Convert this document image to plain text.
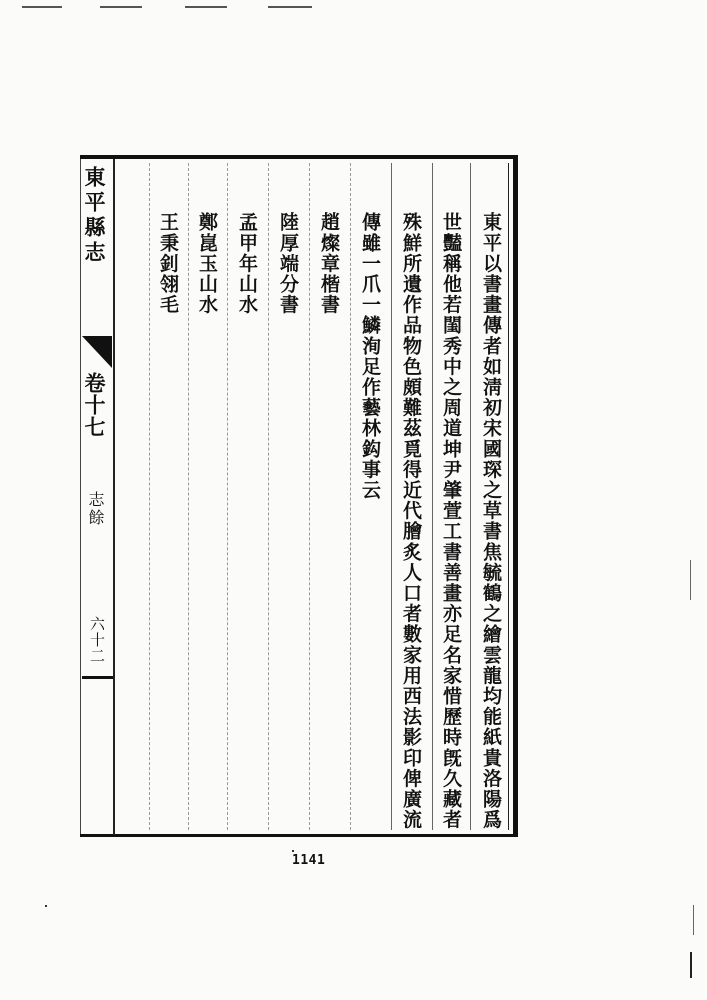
東平縣志
卷十七
志餘
六十二	東平以書畫傳者如淸初宋國琛之草書焦毓鶴之繪雲龍均能紙貴洛陽爲
世豔稱他若閨秀中之周道坤尹肇萱工書善畫亦足名家惜歷時旣久藏者
殊鮮所遺作品物色頗難茲覓得近代膾炙人口者數家用西法影印俾廣流
傳雖一爪一鱗洵足作藝林鈎事云
趙燦章楷書
陸厚端分書
孟甲年山水
鄭崑玉山水
王秉釗翎毛
1141
